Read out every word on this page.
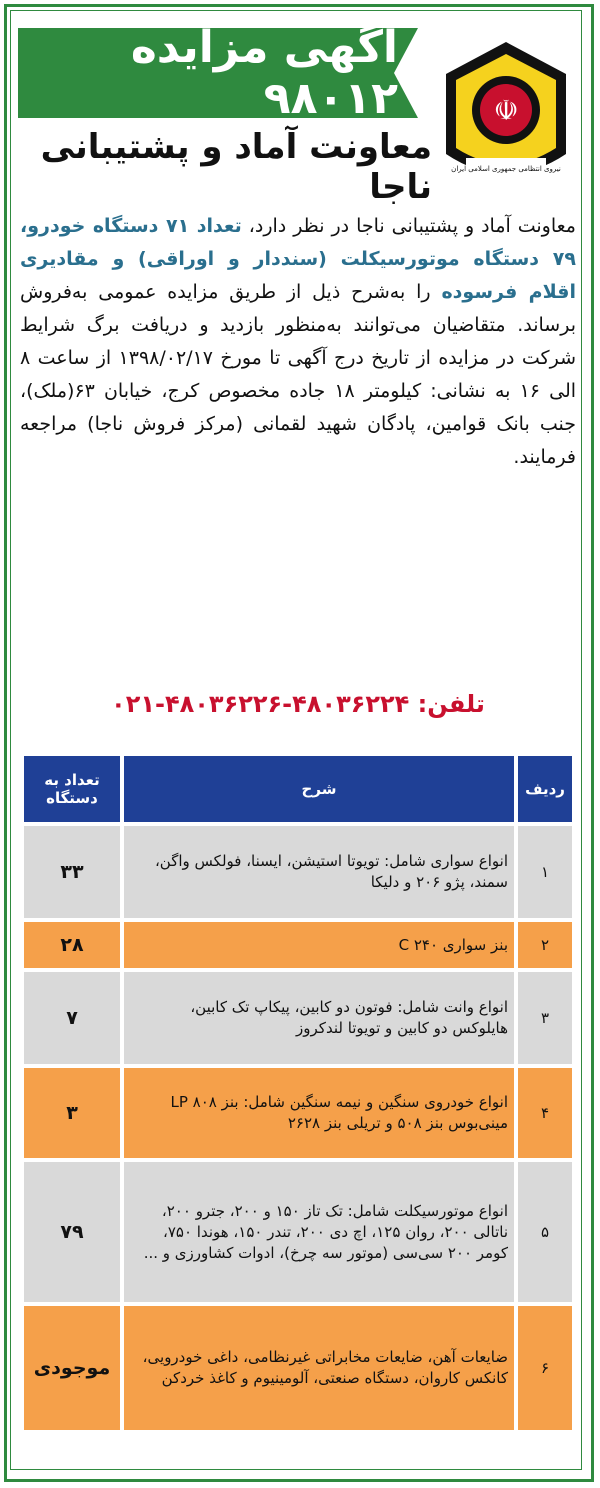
آگهی مزایده ۹۸۰۱۲	☫
نیروی انتظامی جمهوری اسلامی ایران
معاونت آماد و پشتیبانی ناجا
معاونت آماد و پشتیبانی ناجا در نظر دارد، تعداد ۷۱ دستگاه خودرو، ۷۹ دستگاه موتورسیکلت (سنددار و اوراقی) و مقادیری اقلام فرسوده را به‌شرح ذیل از طریق مزایده عمومی به‌فروش برساند. متقاضیان می‌توانند به‌منظور بازدید و دریافت برگ شرایط شرکت در مزایده از تاریخ درج آگهی تا مورخ ۱۳۹۸/۰۲/۱۷ از ساعت ۸ الی ۱۶ به نشانی: کیلومتر ۱۸ جاده مخصوص کرج، خیابان ۶۳(ملک)، جنب بانک قوامین، پادگان شهید لقمانی (مرکز فروش ناجا) مراجعه فرمایند.
تلفن: ۴۸۰۳۶۲۲۴-۴۸۰۳۶۲۲۶-۰۲۱
ردیف	شرح	تعداد به دستگاه
۱	انواع سواری شامل: تویوتا استیشن، ایسنا، فولکس واگن، سمند، پژو ۲۰۶ و دلیکا	۳۳
۲	بنز سواری C ۲۴۰	۲۸
۳	انواع وانت شامل: فوتون دو کابین، پیکاپ تک کابین، هایلوکس دو کابین و تویوتا لندکروز	۷
۴	انواع خودروی سنگین و نیمه سنگین شامل: بنز LP ۸۰۸ مینی‌بوس بنز ۵۰۸ و تریلی بنز ۲۶۲۸	۳
۵	انواع موتورسیکلت شامل: تک تاز ۱۵۰ و ۲۰۰، جترو ۲۰۰، ناتالی ۲۰۰، روان ۱۲۵، اچ دی ۲۰۰، تندر ۱۵۰، هوندا ۷۵۰، کومر ۲۰۰ سی‌سی (موتور سه چرخ)، ادوات کشاورزی و ...	۷۹
۶	ضایعات آهن، ضایعات مخابراتی غیرنظامی، داغی خودرویی، کانکس کاروان، دستگاه صنعتی، آلومینیوم و کاغذ خردکن	موجودی
